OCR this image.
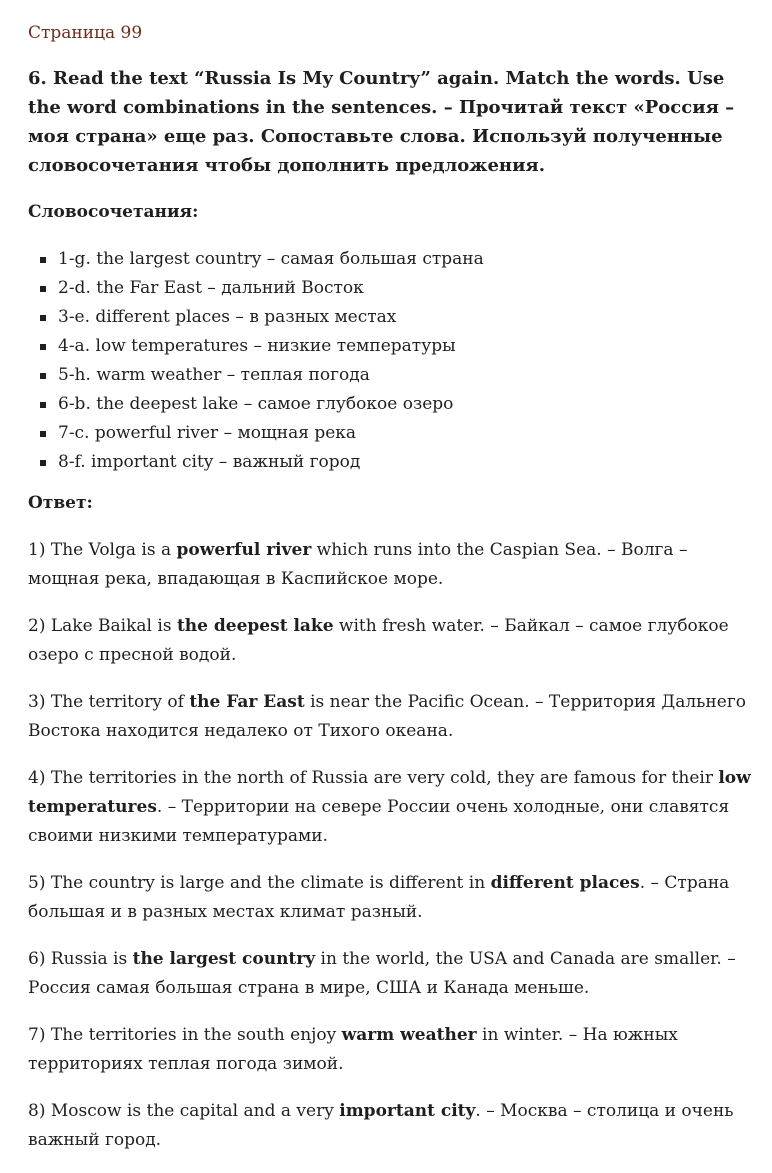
Страница 99
6. Read the text “Russia Is My Country” again. Match the words. Use the word combinations in the sentences. – Прочитай текст «Россия – моя страна» еще раз. Сопоставьте слова. Используй полученные словосочетания чтобы дополнить предложения.
Словосочетания:
1-g. the largest country – самая большая страна
2-d. the Far East – дальний Восток
3-e. different places – в разных местах
4-a. low temperatures – низкие температуры
5-h. warm weather – теплая погода
6-b. the deepest lake – самое глубокое озеро
7-c. powerful river – мощная река
8-f. important city – важный город
Ответ:

1) The Volga is a powerful river which runs into the Caspian Sea. – Волга – мощная река, впадающая в Каспийское море.

2) Lake Baikal is the deepest lake with fresh water. – Байкал – самое глубокое озеро с пресной водой.

3) The territory of the Far East is near the Pacific Ocean. – Территория Дальнего Востока находится недалеко от Тихого океана.

4) The territories in the north of Russia are very cold, they are famous for their low temperatures. – Территории на севере России очень холодные, они славятся своими низкими температурами.

5) The country is large and the climate is different in different places. – Страна большая и в разных местах климат разный.

6) Russia is the largest country in the world, the USA and Canada are smaller. – Россия самая большая страна в мире, США и Канада меньше.

7) The territories in the south enjoy warm weather in winter. – На южных территориях теплая погода зимой.

8) Moscow is the capital and a very important city. – Москва – столица и очень важный город.
